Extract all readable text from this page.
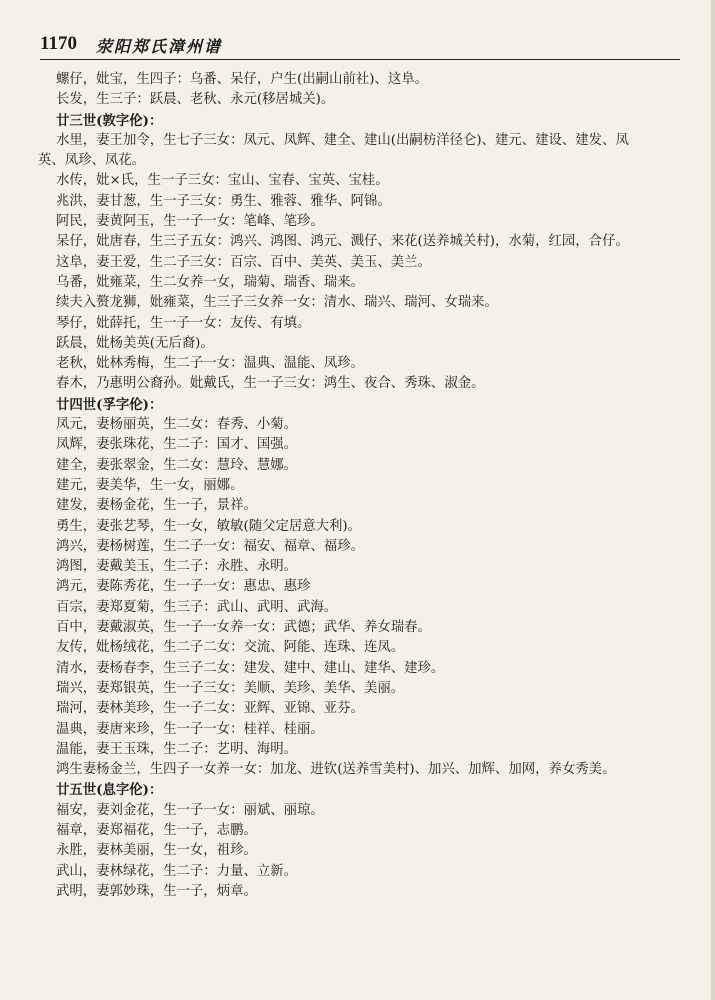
1170 荥阳郑氏漳州谱
螺仔，妣宝，生四子：乌番、呆仔，户生(出嗣山前社)、这阜。
长发，生三子：跃晨、老秋、永元(移居城关)。
廿三世(敦字伦)：
水里，妻王加令，生七子三女：凤元、凤辉、建全、建山(出嗣枋洋径仑)、建元、建设、建发、凤
英、凤珍、凤花。
水传，妣×氏，生一子三女：宝山、宝春、宝英、宝桂。
兆洪，妻甘葱，生一子三女：勇生、雅蓉、雅华、阿锦。
阿民，妻黄阿玉，生一子一女：笔峰、笔珍。
呆仔，妣唐春，生三子五女：鸿兴、鸿图、鸿元、溅仔、来花(送养城关村)，水菊，红园，合仔。
这阜，妻王爱，生二子三女：百宗、百中、美英、美玉、美兰。
乌番，妣雍菜，生二女养一女，瑞菊、瑞香、瑞来。
续夫入赘龙狮，妣雍菜，生三子三女养一女：清水、瑞兴、瑞河、女瑞来。
琴仔，妣薛托，生一子一女：友传、有填。
跃晨，妣杨美英(无后裔)。
老秋，妣林秀梅，生二子一女：温典、温能、凤珍。
春木，乃惠明公裔孙。妣戴氏，生一子三女：鸿生、夜合、秀珠、淑金。
廿四世(孚字伦)：
凤元，妻杨丽英，生二女：春秀、小菊。
凤辉，妻张珠花，生二子：国才、国强。
建全，妻张翠金，生二女：慧玲、慧娜。
建元，妻美华，生一女，丽娜。
建发，妻杨金花，生一子，景祥。
勇生，妻张艺琴，生一女，敏敏(随父定居意大利)。
鸿兴，妻杨树莲，生二子一女：福安、福章、福珍。
鸿图，妻戴美玉，生二子：永胜、永明。
鸿元，妻陈秀花，生一子一女：惠忠、惠珍
百宗，妻郑夏菊，生三子：武山、武明、武海。
百中，妻戴淑英，生一子一女养一女：武德；武华、养女瑞春。
友传，妣杨绒花，生二子二女：交流、阿能、连珠、连凤。
清水，妻杨春李，生三子二女：建发、建中、建山、建华、建珍。
瑞兴，妻郑银英，生一子三女：美顺、美珍、美华、美丽。
瑞河，妻林美珍，生一子二女：亚辉、亚锦、亚芬。
温典，妻唐来珍，生一子一女：桂祥、桂丽。
温能，妻王玉珠，生二子：艺明、海明。
鸿生妻杨金兰，生四子一女养一女：加龙、进钦(送养雪美村)、加兴、加辉、加网，养女秀美。
廿五世(息字伦)：
福安，妻刘金花，生一子一女：丽斌、丽琼。
福章，妻郑福花，生一子，志鹏。
永胜，妻林美丽，生一女，祖珍。
武山，妻林绿花，生二子：力量、立新。
武明，妻郭妙珠，生一子，炳章。
